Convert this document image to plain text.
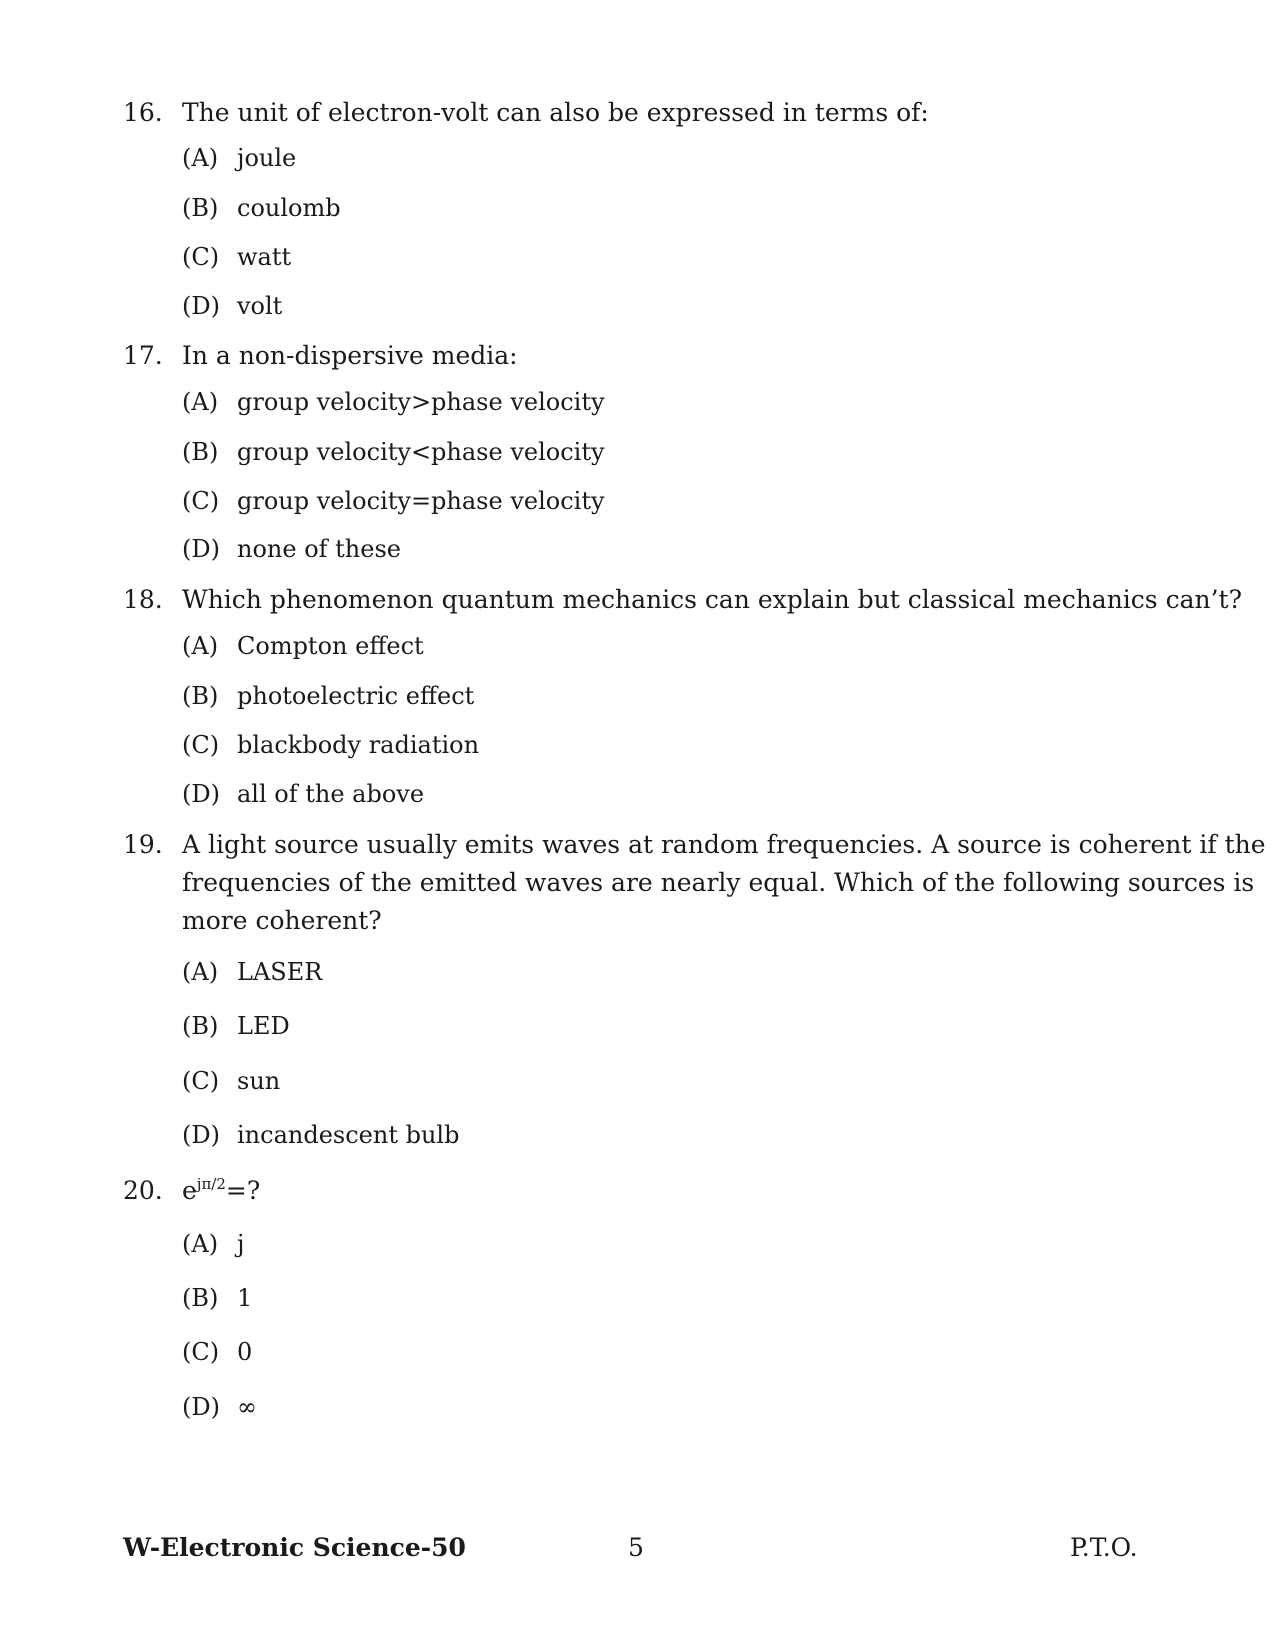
16. The unit of electron-volt can also be expressed in terms of:
(A) joule
(B) coulomb
(C) watt
(D) volt
17. In a non-dispersive media:
(A) group velocity>phase velocity
(B) group velocity<phase velocity
(C) group velocity=phase velocity
(D) none of these
18. Which phenomenon quantum mechanics can explain but classical mechanics can’t?
(A) Compton effect
(B) photoelectric effect
(C) blackbody radiation
(D) all of the above
19. A light source usually emits waves at random frequencies. A source is coherent if the
frequencies of the emitted waves are nearly equal. Which of the following sources is
more coherent?
(A) LASER
(B) LED
(C) sun
(D) incandescent bulb
20. $e^{j\pi/2}=$?
(A) j
(B) 1
(C) 0
(D) ∞
W-Electronic Science-50	5	P.T.O.
